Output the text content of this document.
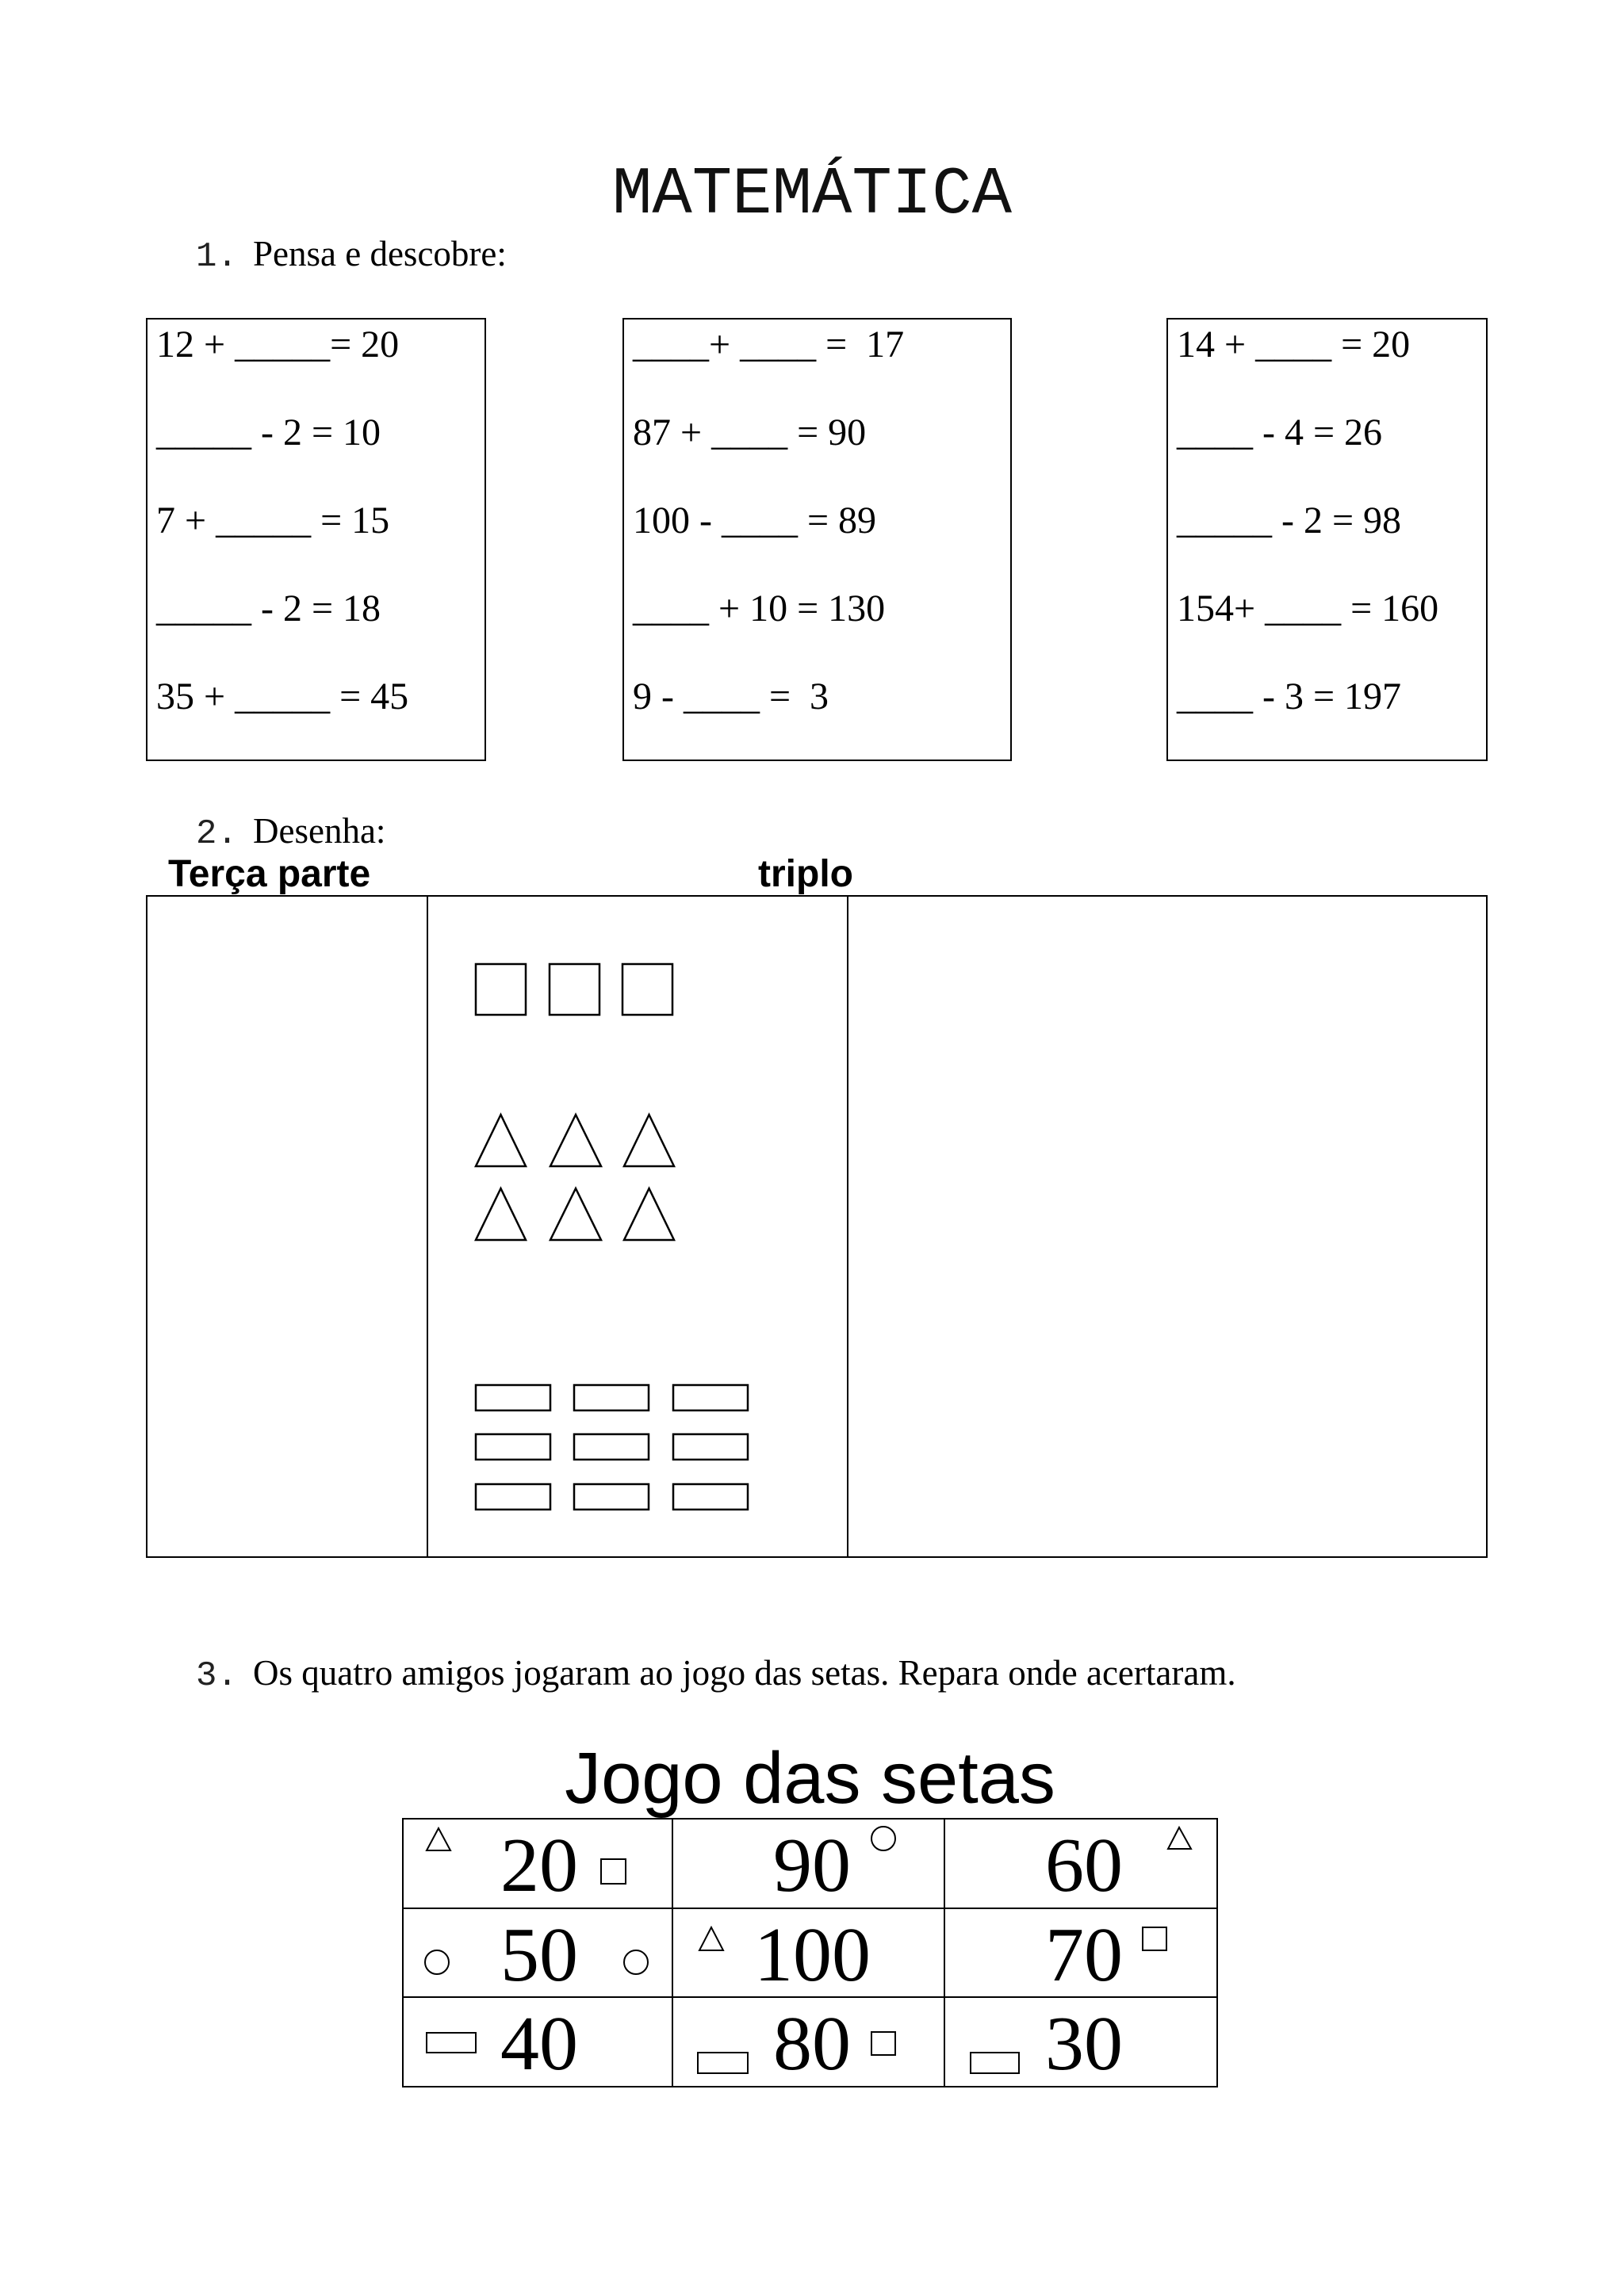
MATEMÁTICA
1. Pensa e descobre:
12 + _____= 20
_____ - 2 = 10
7 + _____ = 15
_____ - 2 = 18
35 + _____ = 45
____+ ____ =  17
87 + ____ = 90
100 - ____ = 89
____ + 10 = 130
9 - ____ =  3
14 + ____ = 20
____ - 4 = 26
_____ - 2 = 98
154+ ____ = 160
____ - 3 = 197
2. Desenha:
Terça parte	triplo
3. Os quatro amigos jogaram ao jogo das setas. Repara onde acertaram.
Jogo das setas
20	90	60
50 100 70
40	80	30
